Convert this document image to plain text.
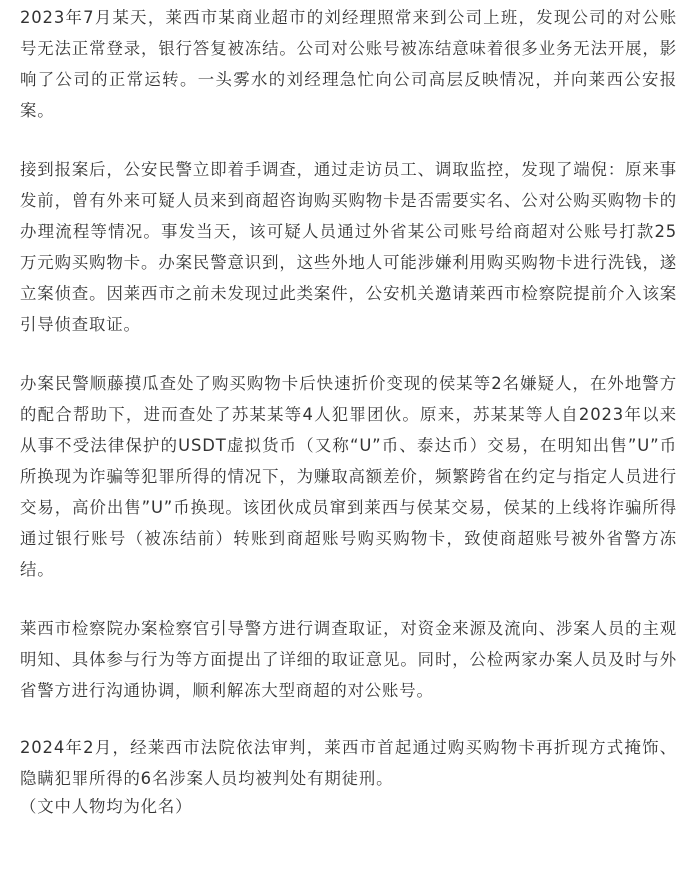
2023年7月某天，莱西市某商业超市的刘经理照常来到公司上班，发现公司的对公账号无法正常登录，银行答复被冻结。公司对公账号被冻结意味着很多业务无法开展，影响了公司的正常运转。一头雾水的刘经理急忙向公司高层反映情况，并向莱西公安报案。

接到报案后，公安民警立即着手调查，通过走访员工、调取监控，发现了端倪：原来事发前，曾有外来可疑人员来到商超咨询购买购物卡是否需要实名、公对公购买购物卡的办理流程等情况。事发当天，该可疑人员通过外省某公司账号给商超对公账号打款25万元购买购物卡。办案民警意识到，这些外地人可能涉嫌利用购买购物卡进行洗钱，遂立案侦查。因莱西市之前未发现过此类案件，公安机关邀请莱西市检察院提前介入该案引导侦查取证。

办案民警顺藤摸瓜查处了购买购物卡后快速折价变现的侯某等2名嫌疑人，在外地警方的配合帮助下，进而查处了苏某某等4人犯罪团伙。原来，苏某某等人自2023年以来从事不受法律保护的USDT虚拟货币（又称“U”币、泰达币）交易，在明知出售”U”币所换现为诈骗等犯罪所得的情况下，为赚取高额差价，频繁跨省在约定与指定人员进行交易，高价出售”U”币换现。该团伙成员窜到莱西与侯某交易，侯某的上线将诈骗所得通过银行账号（被冻结前）转账到商超账号购买购物卡，致使商超账号被外省警方冻结。

莱西市检察院办案检察官引导警方进行调查取证，对资金来源及流向、涉案人员的主观明知、具体参与行为等方面提出了详细的取证意见。同时，公检两家办案人员及时与外省警方进行沟通协调，顺利解冻大型商超的对公账号。

2024年2月，经莱西市法院依法审判，莱西市首起通过购买购物卡再折现方式掩饰、隐瞒犯罪所得的6名涉案人员均被判处有期徒刑。

（文中人物均为化名）
